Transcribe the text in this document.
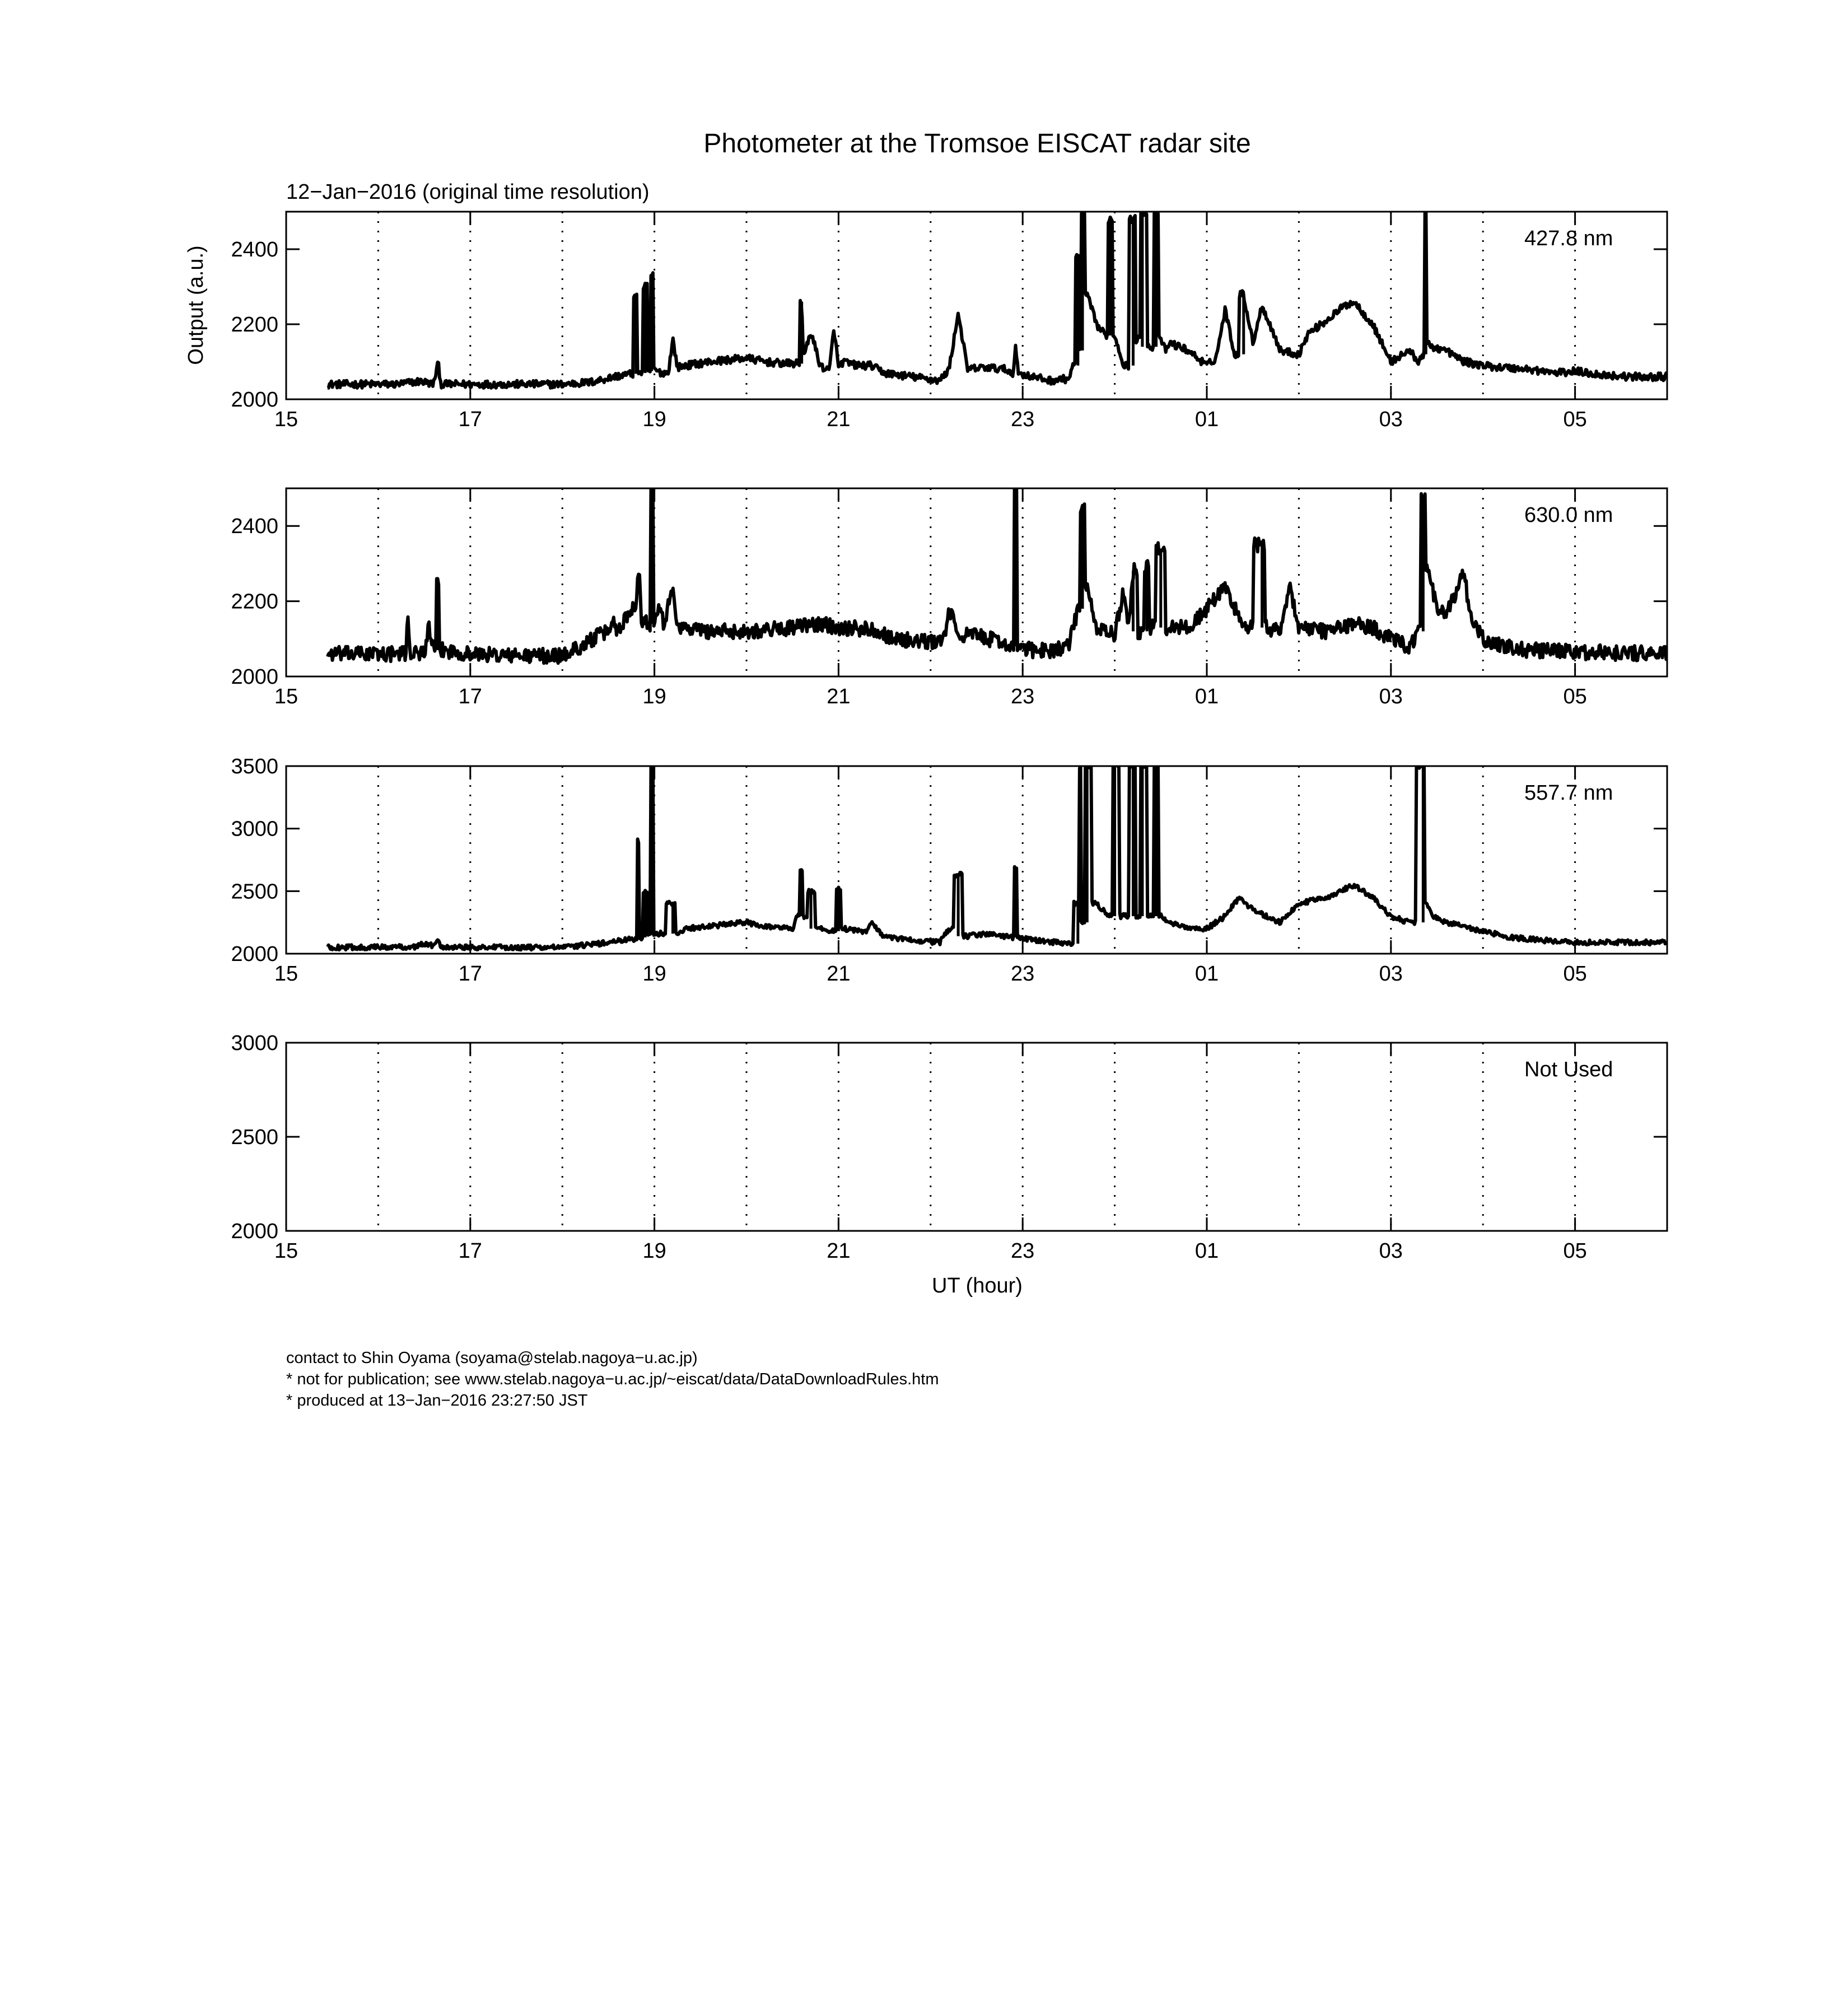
Photometer at the Tromsoe EISCAT radar site
12−Jan−2016 (original time resolution)
Output (a.u.)
UT (hour)
15	17	19	21	23	01	03	05
2000
2200
2400	427.8 nm
15	17	19	21	23	01	03	05
2000
2200
2400	630.0 nm
15	17	19	21	23	01	03	05
2000
2500
3000
3500
557.7 nm
15	17	19	21	23	01	03	05
2000
2500
3000
Not Used
contact to Shin Oyama (soyama@stelab.nagoya−u.ac.jp)
* not for publication; see www.stelab.nagoya−u.ac.jp/~eiscat/data/DataDownloadRules.htm
* produced at 13−Jan−2016 23:27:50 JST
